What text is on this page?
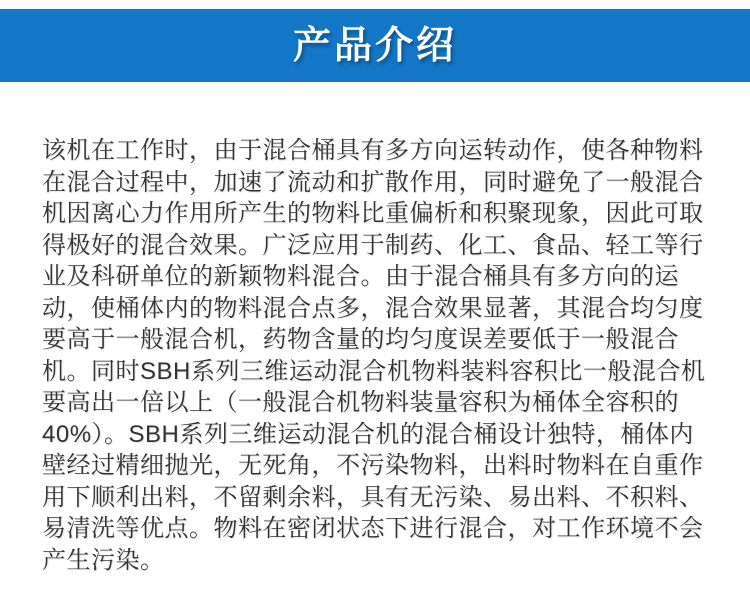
产品介绍

该机在工作时，由于混合桶具有多方向运转动作，使各种物料在混合过程中，加速了流动和扩散作用，同时避免了一般混合机因离心力作用所产生的物料比重偏析和积聚现象，因此可取得极好的混合效果。广泛应用于制药、化工、食品、轻工等行业及科研单位的新颖物料混合。由于混合桶具有多方向的运动，使桶体内的物料混合点多，混合效果显著，其混合均匀度要高于一般混合机，药物含量的均匀度误差要低于一般混合机。同时SBH系列三维运动混合机物料装料容积比一般混合机要高出一倍以上（一般混合机物料装量容积为桶体全容积的40%）。SBH系列三维运动混合机的混合桶设计独特，桶体内壁经过精细抛光，无死角，不污染物料，出料时物料在自重作用下顺利出料，不留剩余料，具有无污染、易出料、不积料、易清洗等优点。物料在密闭状态下进行混合，对工作环境不会产生污染。
